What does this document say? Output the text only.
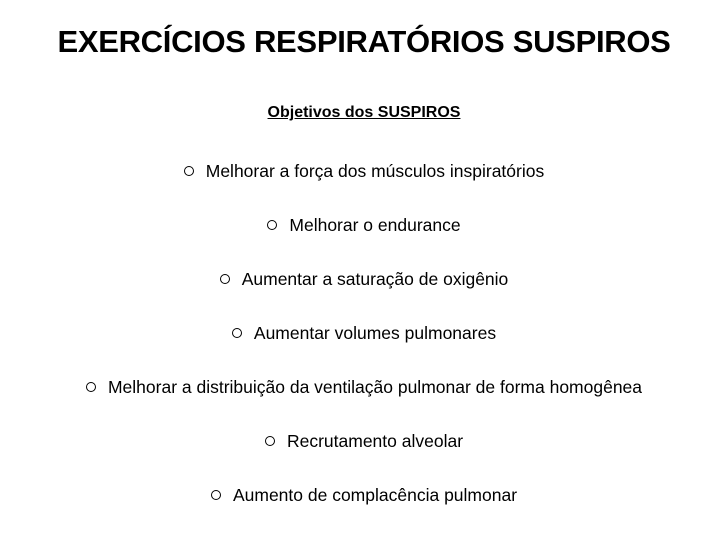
EXERCÍCIOS RESPIRATÓRIOS SUSPIROS
Objetivos dos SUSPIROS
Melhorar a força dos músculos inspiratórios
Melhorar o endurance
Aumentar a saturação de oxigênio
Aumentar volumes pulmonares
Melhorar a distribuição da ventilação pulmonar de forma homogênea
Recrutamento alveolar
Aumento de complacência pulmonar
